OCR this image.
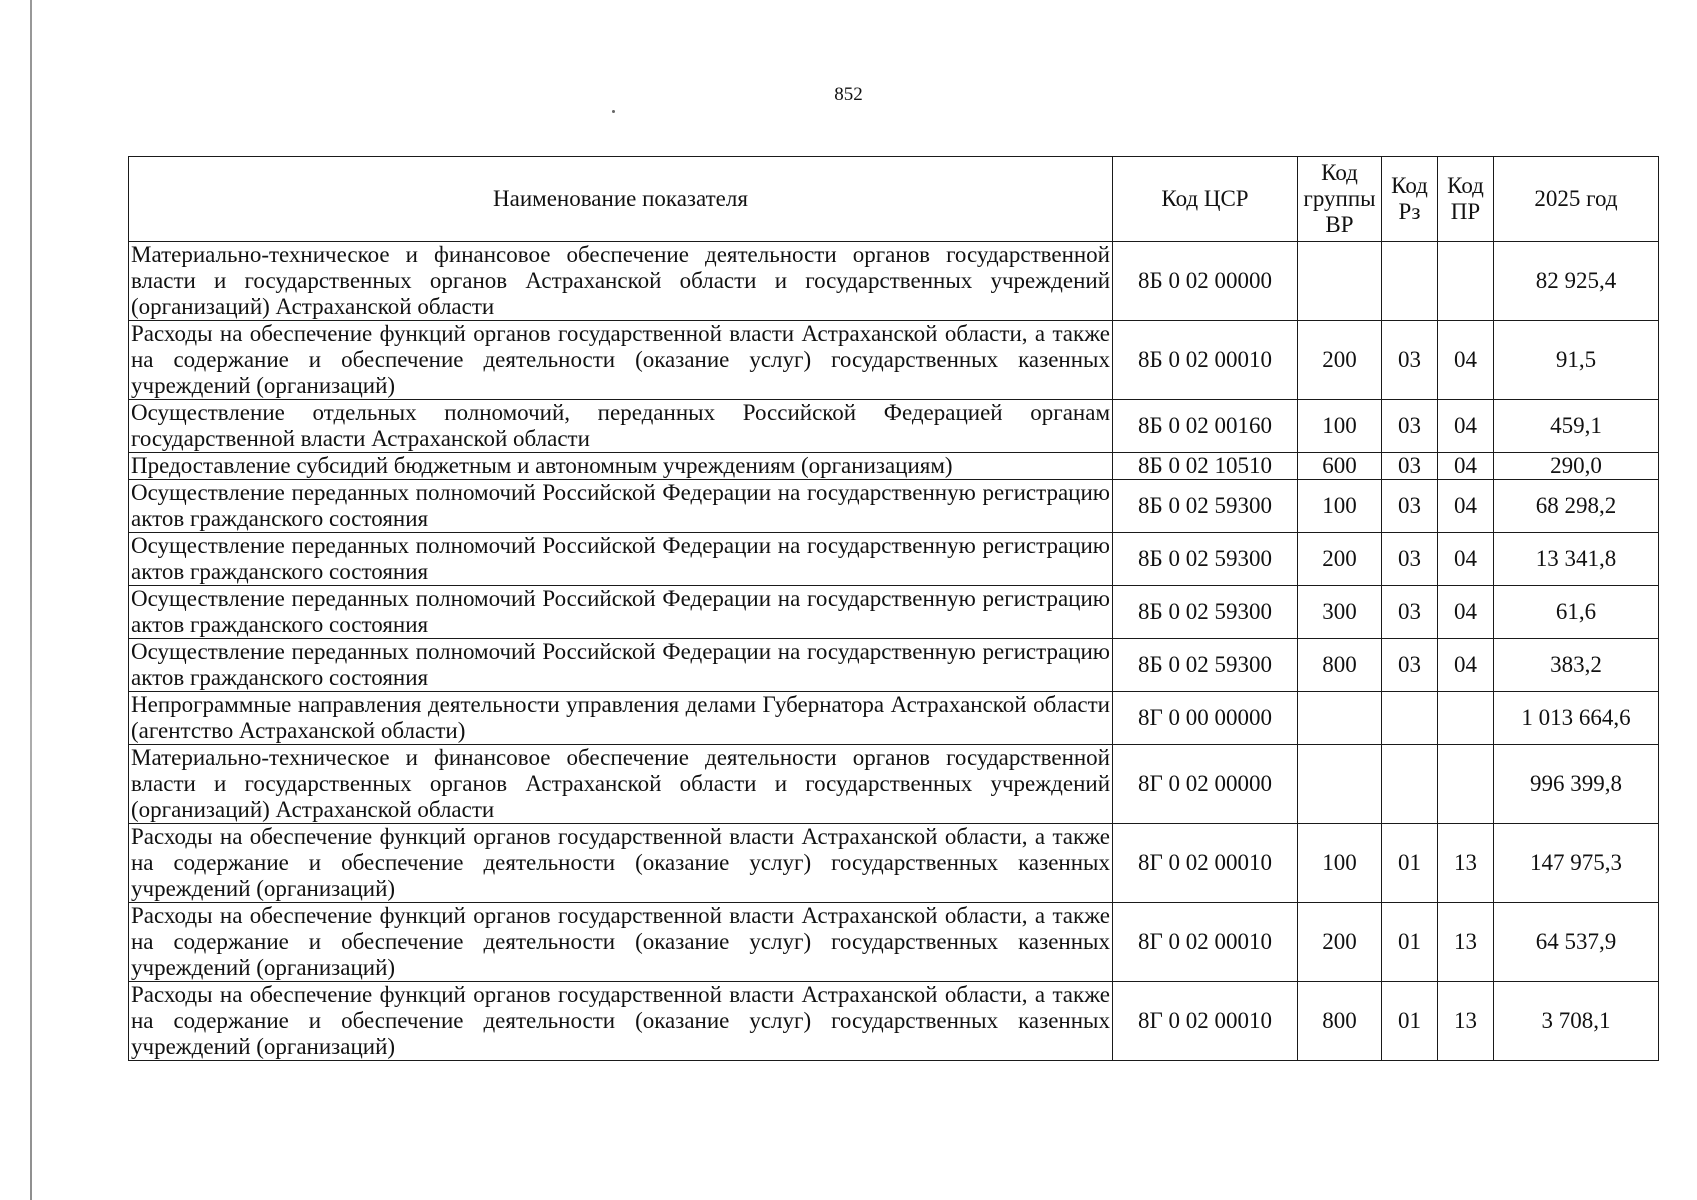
852
Наименование показателя	Код ЦСР	Код группы ВР	Код Рз	Код ПР	2025 год
Материально-техническое и финансовое обеспечение деятельности органов государственной власти и государственных органов Астраханской области и государственных учреждений (организаций) Астраханской области	8Б 0 02 00000				82 925,4
Расходы на обеспечение функций органов государственной власти Астраханской области, а также на содержание и обеспечение деятельности (оказание услуг) государственных казенных учреждений (организаций)	8Б 0 02 00010	200	03	04	91,5
Осуществление отдельных полномочий, переданных Российской Федерацией органам государственной власти Астраханской области	8Б 0 02 00160	100	03	04	459,1
Предоставление субсидий бюджетным и автономным учреждениям (организациям)	8Б 0 02 10510	600	03	04	290,0
Осуществление переданных полномочий Российской Федерации на государственную регистрацию актов гражданского состояния	8Б 0 02 59300	100	03	04	68 298,2
Осуществление переданных полномочий Российской Федерации на государственную регистрацию актов гражданского состояния	8Б 0 02 59300	200	03	04	13 341,8
Осуществление переданных полномочий Российской Федерации на государственную регистрацию актов гражданского состояния	8Б 0 02 59300	300	03	04	61,6
Осуществление переданных полномочий Российской Федерации на государственную регистрацию актов гражданского состояния	8Б 0 02 59300	800	03	04	383,2
Непрограммные направления деятельности управления делами Губернатора Астраханской области (агентство Астраханской области)	8Г 0 00 00000				1 013 664,6
Материально-техническое и финансовое обеспечение деятельности органов государственной власти и государственных органов Астраханской области и государственных учреждений (организаций) Астраханской области	8Г 0 02 00000				996 399,8
Расходы на обеспечение функций органов государственной власти Астраханской области, а также на содержание и обеспечение деятельности (оказание услуг) государственных казенных учреждений (организаций)	8Г 0 02 00010	100	01	13	147 975,3
Расходы на обеспечение функций органов государственной власти Астраханской области, а также на содержание и обеспечение деятельности (оказание услуг) государственных казенных учреждений (организаций)	8Г 0 02 00010	200	01	13	64 537,9
Расходы на обеспечение функций органов государственной власти Астраханской области, а также на содержание и обеспечение деятельности (оказание услуг) государственных казенных учреждений (организаций)	8Г 0 02 00010	800	01	13	3 708,1
